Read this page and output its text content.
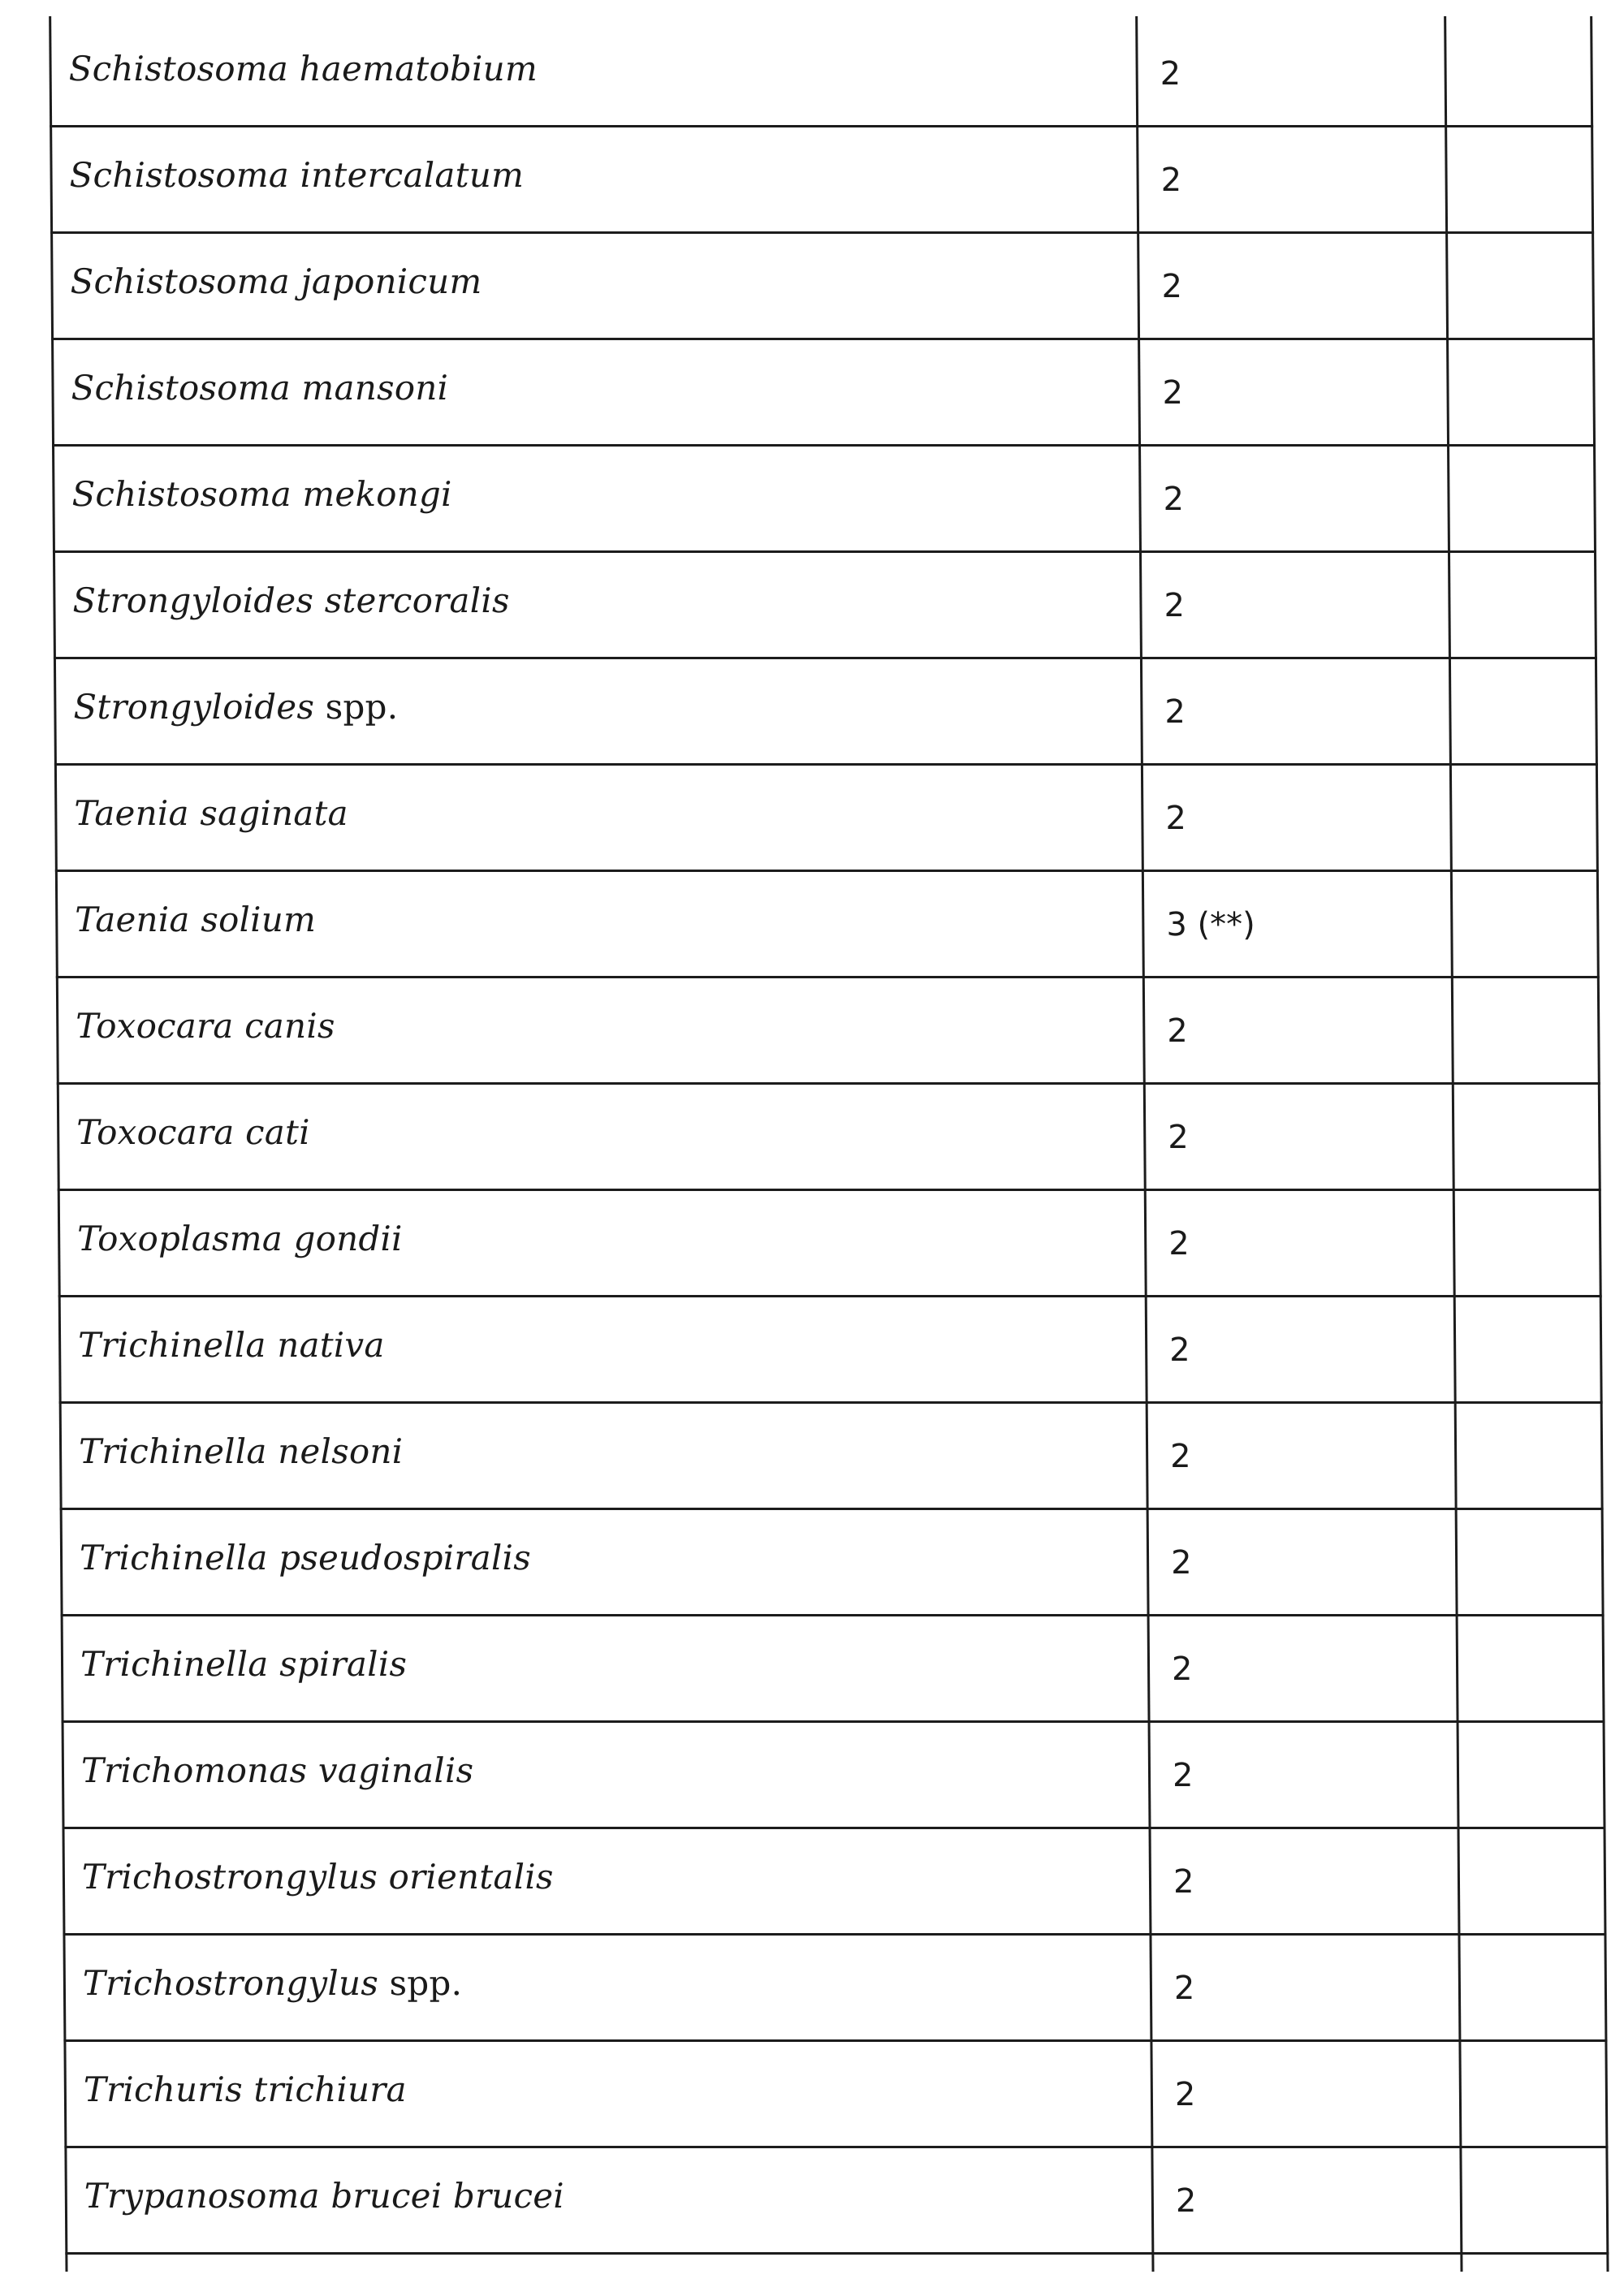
Schistosoma haematobium	2
Schistosoma intercalatum	2
Schistosoma japonicum	2
Schistosoma mansoni	2
Schistosoma mekongi	2
Strongyloides stercoralis	2
Strongyloides spp.	2
Taenia saginata	2
Taenia solium	3 (**)
Toxocara canis	2
Toxocara cati	2
Toxoplasma gondii	2
Trichinella nativa	2
Trichinella nelsoni	2
Trichinella pseudospiralis	2
Trichinella spiralis	2
Trichomonas vaginalis	2
Trichostrongylus orientalis	2
Trichostrongylus spp.	2
Trichuris trichiura	2
Trypanosoma brucei brucei	2
